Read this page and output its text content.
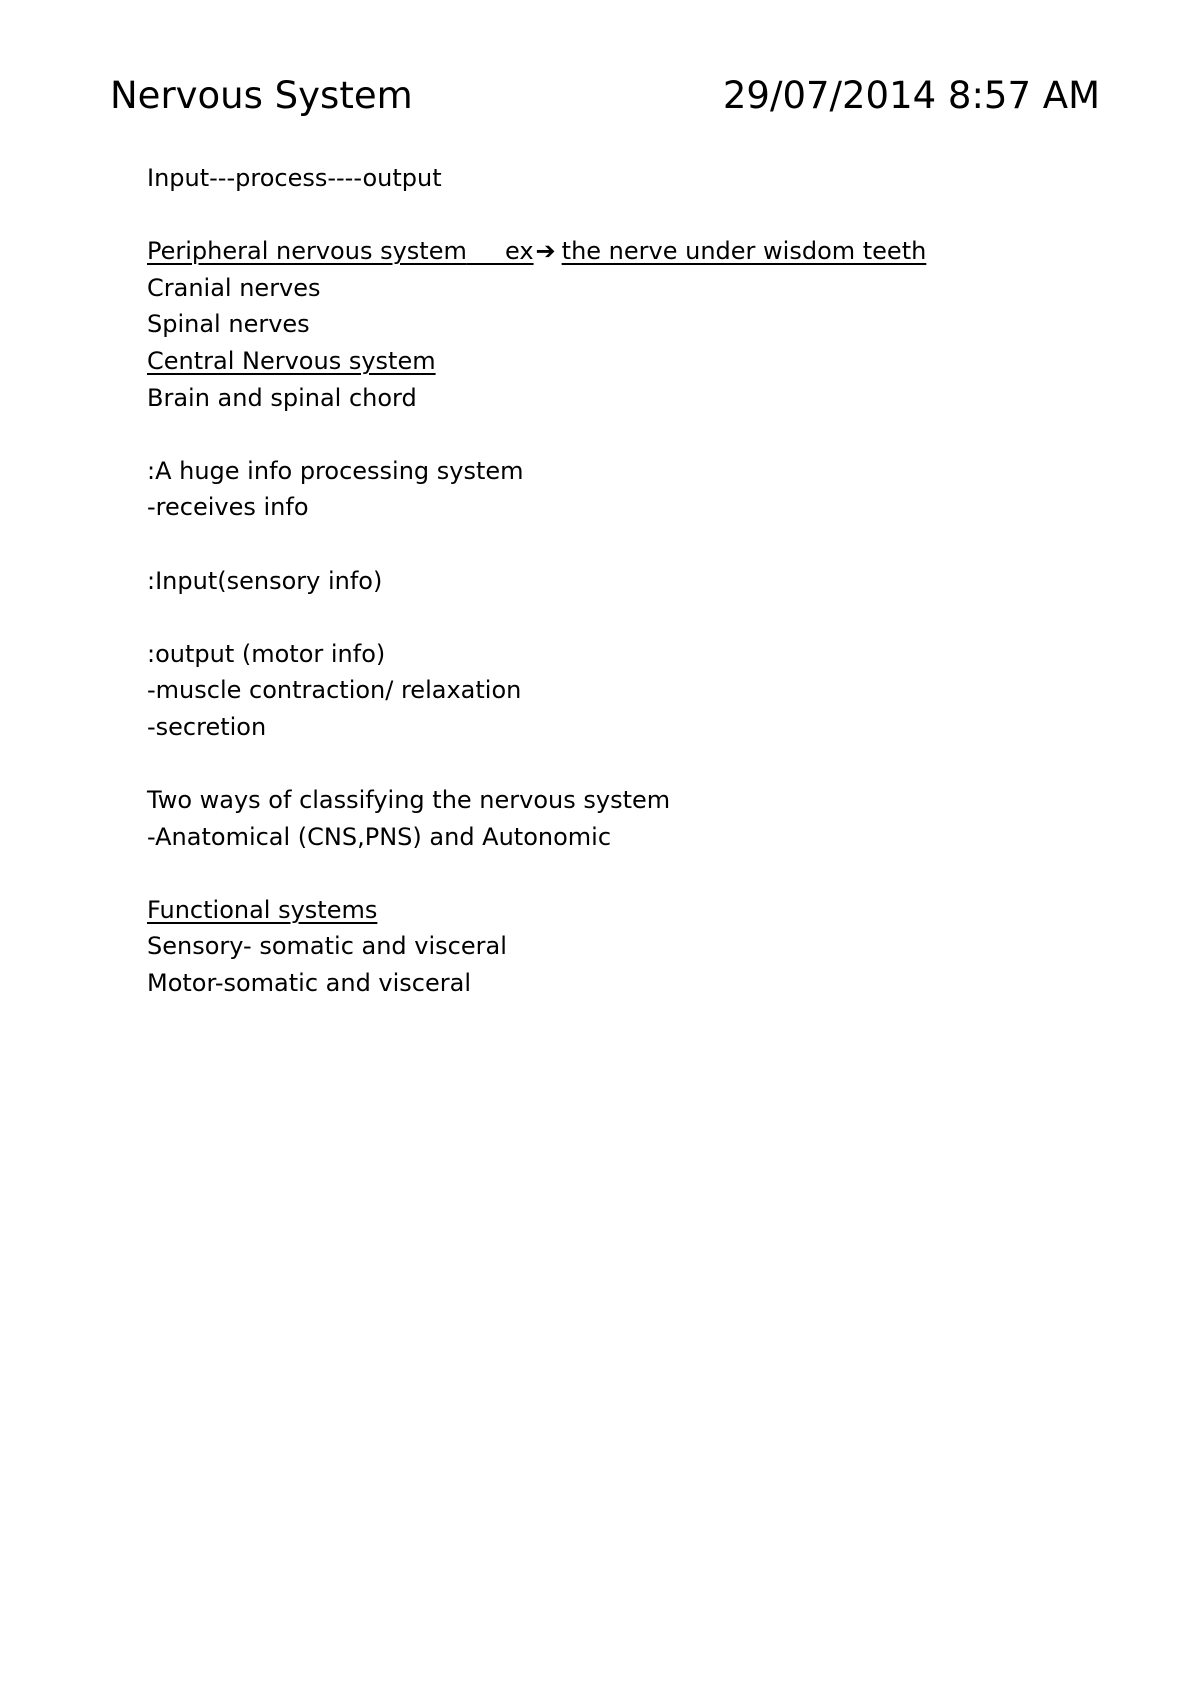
Nervous System	29/07/2014 8:57 AM
Input---process----output
Peripheral nervous system ex➔ the nerve under wisdom teeth
Cranial nerves
Spinal nerves
Central Nervous system
Brain and spinal chord
:A huge info processing system
-receives info
:Input(sensory info)
:output (motor info)
-muscle contraction/ relaxation
-secretion
Two ways of classifying the nervous system
-Anatomical (CNS,PNS) and Autonomic
Functional systems
Sensory- somatic and visceral
Motor-somatic and visceral
